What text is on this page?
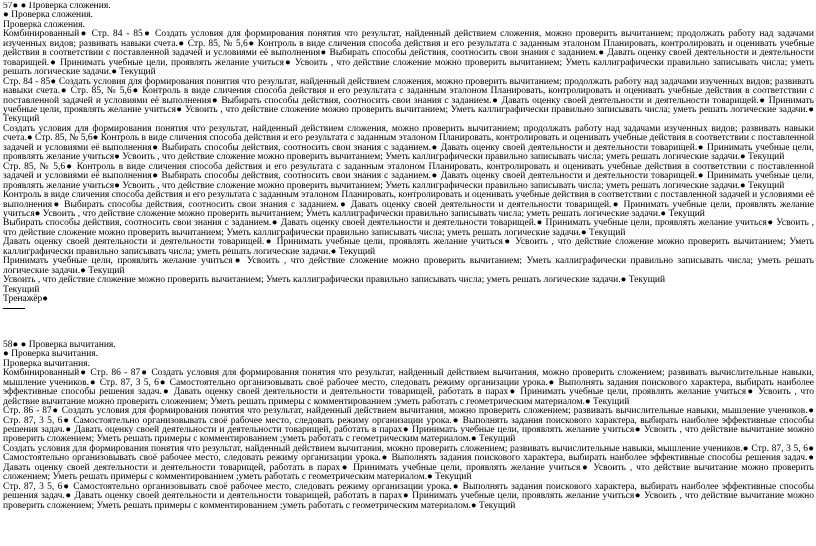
57● ● Проверка сложения.
● Проверка сложения.
Проверка сложения.
Комбинированный● Стр. 84 - 85● Создать условия для формирования понятия что результат, найденный действием сложения, можно проверить вычитанием; продолжать работу над задачами изученных видов; развивать навыки счета.● Стр. 85, № 5,6● Контроль в виде сличения способа действия и его результата с заданным эталоном Планировать, контролировать и оценивать учебные действия в соответствии с поставленной задачей и условиями её выполнения● Выбирать способы действия, соотносить свои знания с заданием.● Давать оценку своей деятельности и деятельности товарищей.● Принимать учебные цели, проявлять желание учиться● Усвоить , что действие сложение можно проверить вычитанием; Уметь каллиграфически правильно записывать числа; уметь решать логические задачи.● Текущий
Стр. 84 - 85● Создать условия для формирования понятия что результат, найденный действием сложения, можно проверить вычитанием; продолжать работу над задачами изученных видов; развивать навыки счета.● Стр. 85, № 5,6● Контроль в виде сличения способа действия и его результата с заданным эталоном Планировать, контролировать и оценивать учебные действия в соответствии с поставленной задачей и условиями её выполнения● Выбирать способы действия, соотносить свои знания с заданием.● Давать оценку своей деятельности и деятельности товарищей.● Принимать учебные цели, проявлять желание учиться● Усвоить , что действие сложение можно проверить вычитанием; Уметь каллиграфически правильно записывать числа; уметь решать логические задачи.● Текущий
Создать условия для формирования понятия что результат, найденный действием сложения, можно проверить вычитанием; продолжать работу над задачами изученных видов; развивать навыки счета.● Стр. 85, № 5,6● Контроль в виде сличения способа действия и его результата с заданным эталоном Планировать, контролировать и оценивать учебные действия в соответствии с поставленной задачей и условиями её выполнения● Выбирать способы действия, соотносить свои знания с заданием.● Давать оценку своей деятельности и деятельности товарищей.● Принимать учебные цели, проявлять желание учиться● Усвоить , что действие сложение можно проверить вычитанием; Уметь каллиграфически правильно записывать числа; уметь решать логические задачи.● Текущий
Стр. 85, № 5,6● Контроль в виде сличения способа действия и его результата с заданным эталоном Планировать, контролировать и оценивать учебные действия в соответствии с поставленной задачей и условиями её выполнения● Выбирать способы действия, соотносить свои знания с заданием.● Давать оценку своей деятельности и деятельности товарищей.● Принимать учебные цели, проявлять желание учиться● Усвоить , что действие сложение можно проверить вычитанием; Уметь каллиграфически правильно записывать числа; уметь решать логические задачи.● Текущий
Контроль в виде сличения способа действия и его результата с заданным эталоном Планировать, контролировать и оценивать учебные действия в соответствии с поставленной задачей и условиями её выполнения● Выбирать способы действия, соотносить свои знания с заданием.● Давать оценку своей деятельности и деятельности товарищей.● Принимать учебные цели, проявлять желание учиться● Усвоить , что действие сложение можно проверить вычитанием; Уметь каллиграфически правильно записывать числа; уметь решать логические задачи.● Текущий
Выбирать способы действия, соотносить свои знания с заданием.● Давать оценку своей деятельности и деятельности товарищей.● Принимать учебные цели, проявлять желание учиться● Усвоить , что действие сложение можно проверить вычитанием; Уметь каллиграфически правильно записывать числа; уметь решать логические задачи.● Текущий
Давать оценку своей деятельности и деятельности товарищей.● Принимать учебные цели, проявлять желание учиться● Усвоить , что действие сложение можно проверить вычитанием; Уметь каллиграфически правильно записывать числа; уметь решать логические задачи.● Текущий
Принимать учебные цели, проявлять желание учиться● Усвоить , что действие сложение можно проверить вычитанием; Уметь каллиграфически правильно записывать числа; уметь решать логические задачи.● Текущий
Усвоить , что действие сложение можно проверить вычитанием; Уметь каллиграфически правильно записывать числа; уметь решать логические задачи.● Текущий
Текущий
Тренажёр●
58● ● Проверка вычитания.
● Проверка вычитания.
Проверка вычитания.
Комбинированный● Стр. 86 - 87● Создать условия для формирования понятия что результат, найденный действием вычитания, можно проверить сложением; развивать вычислительные навыки, мышление учеников.● Стр. 87, 3 5, 6● Самостоятельно организовывать своё рабочее место, следовать режиму организации урока.● Выполнять задания поискового характера, выбирать наиболее эффективные способы решения задач.● Давать оценку своей деятельности и деятельности товарищей, работать в парах● Принимать учебные цели, проявлять желание учиться● Усвоить , что действие вычитание можно проверить сложением; Уметь решать примеры с комментированием ;уметь работать с геометрическим материалом.● Текущий
Стр. 86 - 87● Создать условия для формирования понятия что результат, найденный действием вычитания, можно проверить сложением; развивать вычислительные навыки, мышление учеников.● Стр. 87, 3 5, 6● Самостоятельно организовывать своё рабочее место, следовать режиму организации урока.● Выполнять задания поискового характера, выбирать наиболее эффективные способы решения задач.● Давать оценку своей деятельности и деятельности товарищей, работать в парах● Принимать учебные цели, проявлять желание учиться● Усвоить , что действие вычитание можно проверить сложением; Уметь решать примеры с комментированием ;уметь работать с геометрическим материалом.● Текущий
Создать условия для формирования понятия что результат, найденный действием вычитания, можно проверить сложением; развивать вычислительные навыки, мышление учеников.● Стр. 87, 3 5, 6● Самостоятельно организовывать своё рабочее место, следовать режиму организации урока.● Выполнять задания поискового характера, выбирать наиболее эффективные способы решения задач.● Давать оценку своей деятельности и деятельности товарищей, работать в парах● Принимать учебные цели, проявлять желание учиться● Усвоить , что действие вычитание можно проверить сложением; Уметь решать примеры с комментированием ;уметь работать с геометрическим материалом.● Текущий
Стр. 87, 3 5, 6● Самостоятельно организовывать своё рабочее место, следовать режиму организации урока.● Выполнять задания поискового характера, выбирать наиболее эффективные способы решения задач.● Давать оценку своей деятельности и деятельности товарищей, работать в парах● Принимать учебные цели, проявлять желание учиться● Усвоить , что действие вычитание можно проверить сложением; Уметь решать примеры с комментированием ;уметь работать с геометрическим материалом.● Текущий
